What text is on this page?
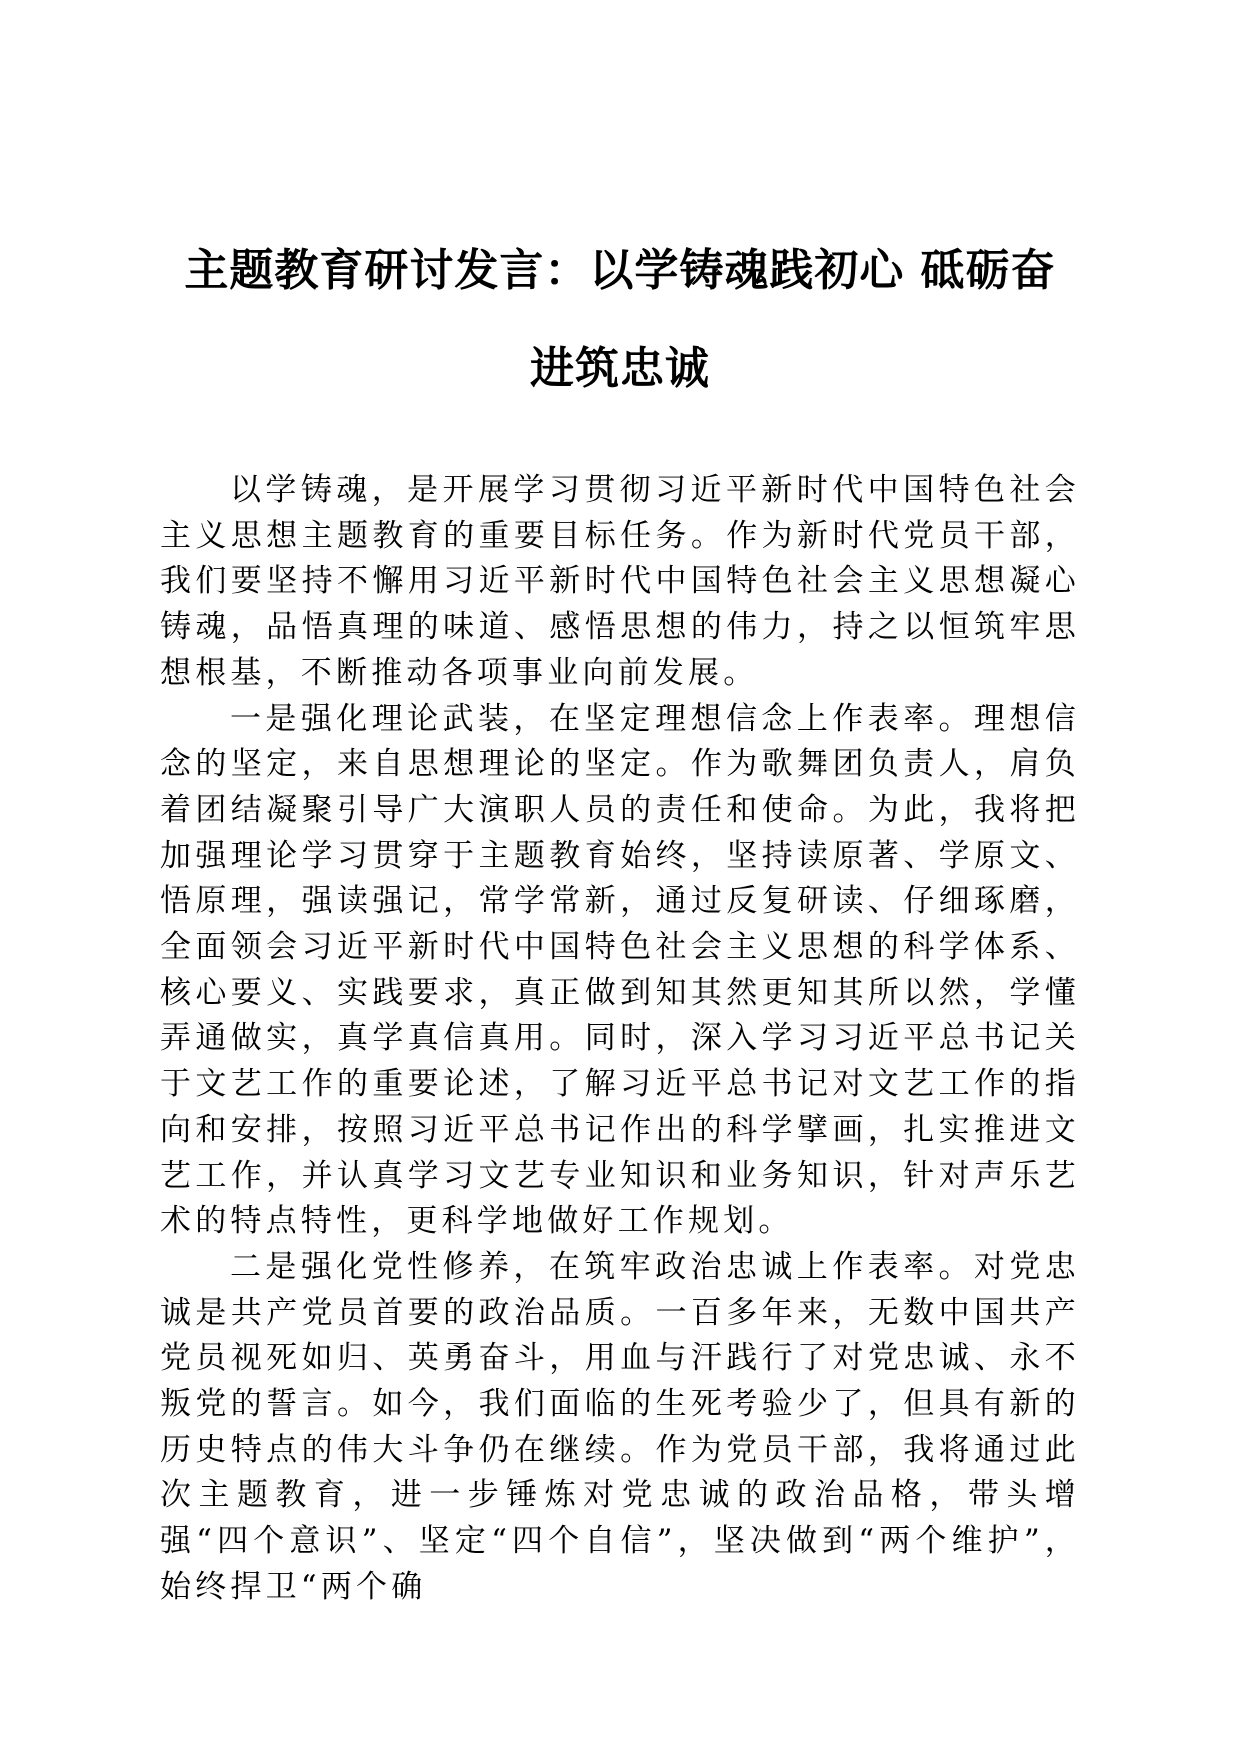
主题教育研讨发言：以学铸魂践初心 砥砺奋
进筑忠诚

以学铸魂，是开展学习贯彻习近平新时代中国特色社会主义思想主题教育的重要目标任务。作为新时代党员干部，我们要坚持不懈用习近平新时代中国特色社会主义思想凝心铸魂，品悟真理的味道、感悟思想的伟力，持之以恒筑牢思想根基，不断推动各项事业向前发展。

一是强化理论武装，在坚定理想信念上作表率。理想信念的坚定，来自思想理论的坚定。作为歌舞团负责人，肩负着团结凝聚引导广大演职人员的责任和使命。为此，我将把加强理论学习贯穿于主题教育始终，坚持读原著、学原文、悟原理，强读强记，常学常新，通过反复研读、仔细琢磨，全面领会习近平新时代中国特色社会主义思想的科学体系、核心要义、实践要求，真正做到知其然更知其所以然，学懂弄通做实，真学真信真用。同时，深入学习习近平总书记关于文艺工作的重要论述，了解习近平总书记对文艺工作的指向和安排，按照习近平总书记作出的科学擘画，扎实推进文艺工作，并认真学习文艺专业知识和业务知识，针对声乐艺术的特点特性，更科学地做好工作规划。

二是强化党性修养，在筑牢政治忠诚上作表率。对党忠诚是共产党员首要的政治品质。一百多年来，无数中国共产党员视死如归、英勇奋斗，用血与汗践行了对党忠诚、永不叛党的誓言。如今，我们面临的生死考验少了，但具有新的历史特点的伟大斗争仍在继续。作为党员干部，我将通过此次主题教育，进一步锤炼对党忠诚的政治品格，带头增强“四个意识”、坚定“四个自信”，坚决做到“两个维护”，始终捍卫“两个确
